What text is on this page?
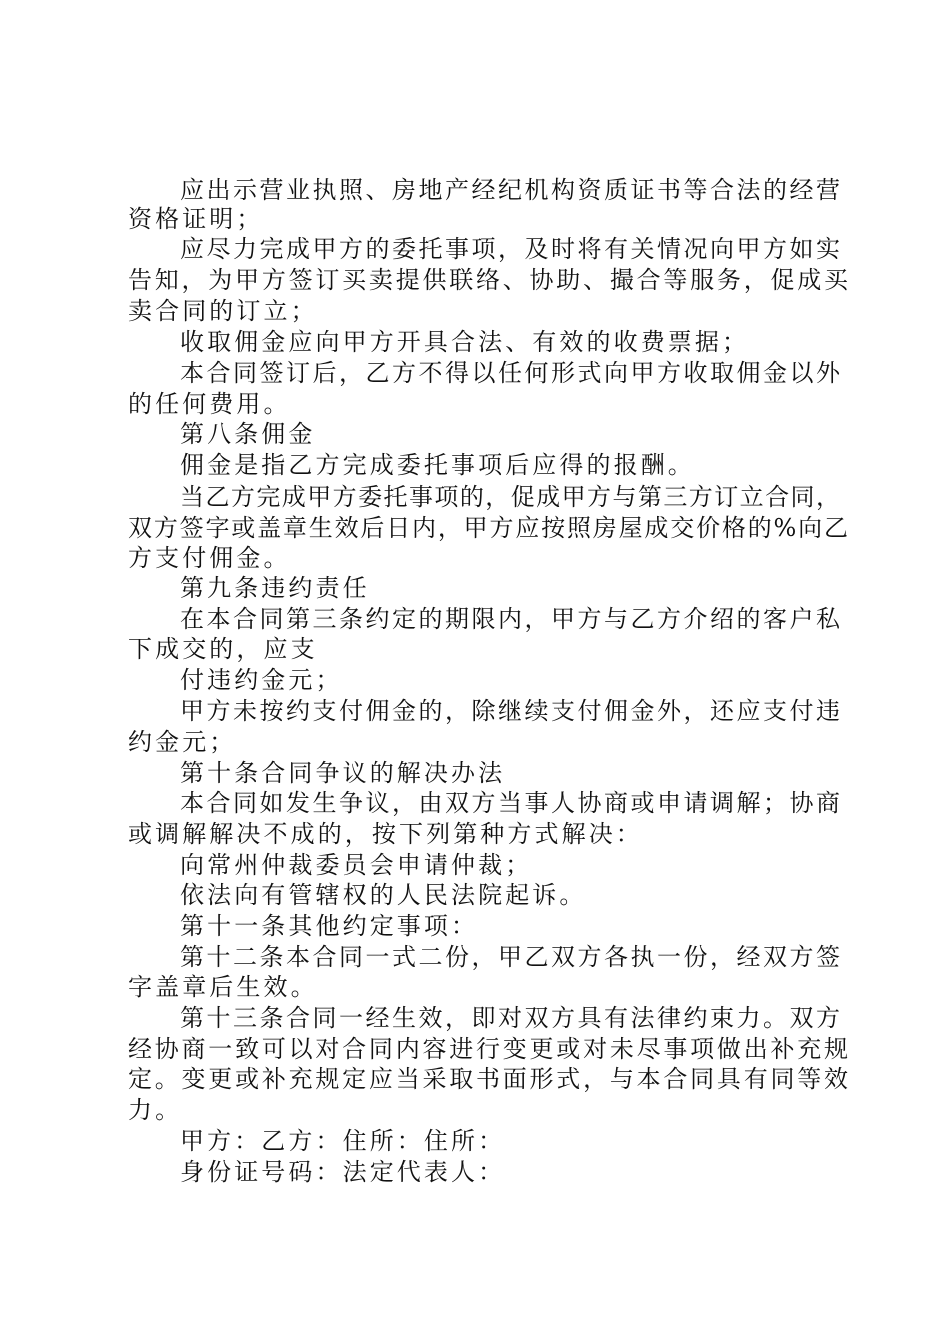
应出示营业执照、房地产经纪机构资质证书等合法的经营
资格证明；
应尽力完成甲方的委托事项，及时将有关情况向甲方如实
告知，为甲方签订买卖提供联络、协助、撮合等服务，促成买
卖合同的订立；
收取佣金应向甲方开具合法、有效的收费票据；
本合同签订后，乙方不得以任何形式向甲方收取佣金以外
的任何费用。
第八条佣金
佣金是指乙方完成委托事项后应得的报酬。
当乙方完成甲方委托事项的，促成甲方与第三方订立合同，
双方签字或盖章生效后日内，甲方应按照房屋成交价格的%向乙
方支付佣金。
第九条违约责任
在本合同第三条约定的期限内，甲方与乙方介绍的客户私
下成交的，应支
付违约金元；
甲方未按约支付佣金的，除继续支付佣金外，还应支付违
约金元；
第十条合同争议的解决办法
本合同如发生争议，由双方当事人协商或申请调解；协商
或调解解决不成的，按下列第种方式解决：
向常州仲裁委员会申请仲裁；
依法向有管辖权的人民法院起诉。
第十一条其他约定事项：
第十二条本合同一式二份，甲乙双方各执一份，经双方签
字盖章后生效。
第十三条合同一经生效，即对双方具有法律约束力。双方
经协商一致可以对合同内容进行变更或对未尽事项做出补充规
定。变更或补充规定应当采取书面形式，与本合同具有同等效
力。
甲方：乙方：住所：住所：
身份证号码：法定代表人：
